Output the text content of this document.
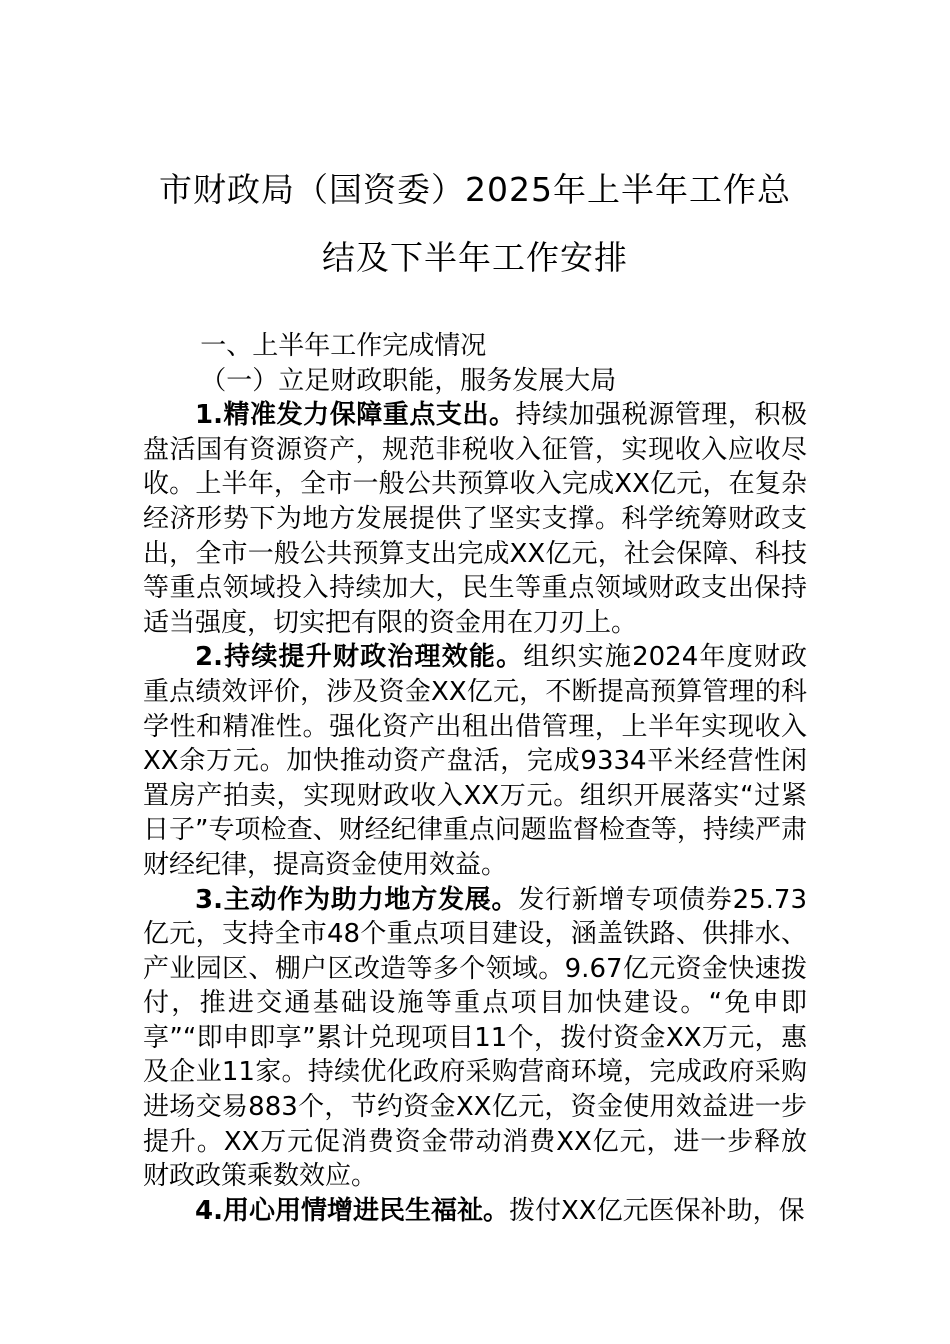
市财政局（国资委）2025年上半年工作总
结及下半年工作安排

一、上半年工作完成情况

（一）立足财政职能，服务发展大局

1.精准发力保障重点支出。持续加强税源管理，积极盘活国有资源资产，规范非税收入征管，实现收入应收尽收。上半年，全市一般公共预算收入完成XX亿元，在复杂经济形势下为地方发展提供了坚实支撑。科学统筹财政支出，全市一般公共预算支出完成XX亿元，社会保障、科技等重点领域投入持续加大，民生等重点领域财政支出保持适当强度，切实把有限的资金用在刀刃上。

2.持续提升财政治理效能。组织实施2024年度财政重点绩效评价，涉及资金XX亿元，不断提高预算管理的科学性和精准性。强化资产出租出借管理，上半年实现收入XX余万元。加快推动资产盘活，完成9334平米经营性闲置房产拍卖，实现财政收入XX万元。组织开展落实“过紧日子”专项检查、财经纪律重点问题监督检查等，持续严肃财经纪律，提高资金使用效益。

3.主动作为助力地方发展。发行新增专项债券25.73亿元，支持全市48个重点项目建设，涵盖铁路、供排水、产业园区、棚户区改造等多个领域。9.67亿元资金快速拨付，推进交通基础设施等重点项目加快建设。“免申即享”“即申即享”累计兑现项目11个，拨付资金XX万元，惠及企业11家。持续优化政府采购营商环境，完成政府采购进场交易883个，节约资金XX亿元，资金使用效益进一步提升。XX万元促消费资金带动消费XX亿元，进一步释放财政政策乘数效应。

4.用心用情增进民生福祉。拨付XX亿元医保补助，保
